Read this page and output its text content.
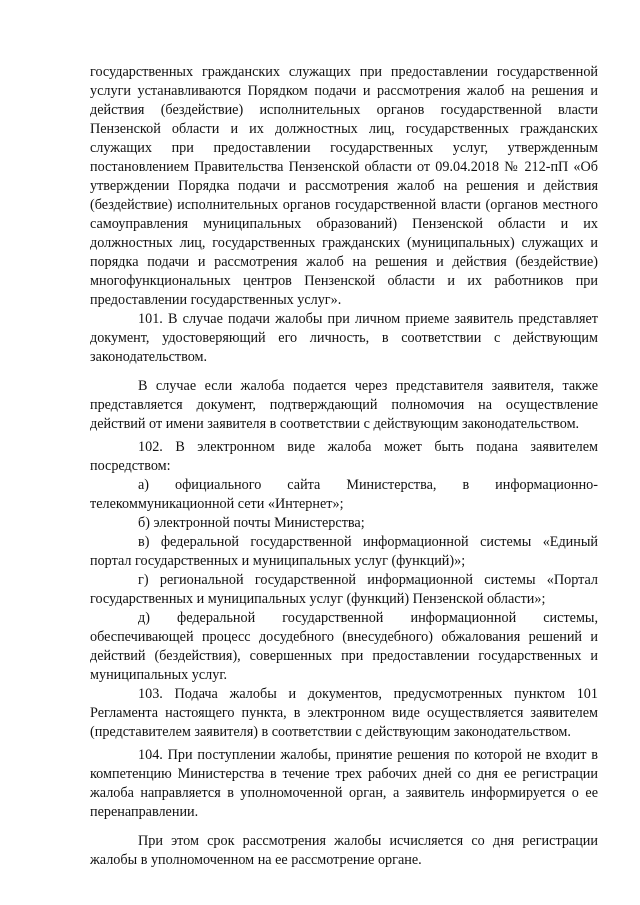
государственных гражданских служащих при предоставлении государственной услуги устанавливаются Порядком подачи и рассмотрения жалоб на решения и действия (бездействие) исполнительных органов государственной власти Пензенской области и их должностных лиц, государственных гражданских служащих при предоставлении государственных услуг, утвержденным постановлением Правительства Пензенской области от 09.04.2018 № 212-пП «Об утверждении Порядка подачи и рассмотрения жалоб на решения и действия (бездействие) исполнительных органов государственной власти (органов местного самоуправления муниципальных образований) Пензенской области и их должностных лиц, государственных гражданских (муниципальных) служащих и порядка подачи и рассмотрения жалоб на решения и действия (бездействие) многофункциональных центров Пензенской области и их работников при предоставлении государственных услуг».

101. В случае подачи жалобы при личном приеме заявитель представляет документ, удостоверяющий его личность, в соответствии с действующим законодательством.

В случае если жалоба подается через представителя заявителя, также представляется документ, подтверждающий полномочия на осуществление действий от имени заявителя в соответствии с действующим законодательством.

102. В электронном виде жалоба может быть подана заявителем посредством:

а) официального сайта Министерства, в информационно-телекоммуникационной сети «Интернет»;

б) электронной почты Министерства;

в) федеральной государственной информационной системы «Единый портал государственных и муниципальных услуг (функций)»;

г) региональной государственной информационной системы «Портал государственных и муниципальных услуг (функций) Пензенской области»;

д) федеральной государственной информационной системы, обеспечивающей процесс досудебного (внесудебного) обжалования решений и действий (бездействия), совершенных при предоставлении государственных и муниципальных услуг.

103. Подача жалобы и документов, предусмотренных пунктом 101 Регламента настоящего пункта, в электронном виде осуществляется заявителем (представителем заявителя) в соответствии с действующим законодательством.

104. При поступлении жалобы, принятие решения по которой не входит в компетенцию Министерства в течение трех рабочих дней со дня ее регистрации жалоба направляется в уполномоченной орган, а заявитель информируется о ее перенаправлении.

При этом срок рассмотрения жалобы исчисляется со дня регистрации жалобы в уполномоченном на ее рассмотрение органе.
